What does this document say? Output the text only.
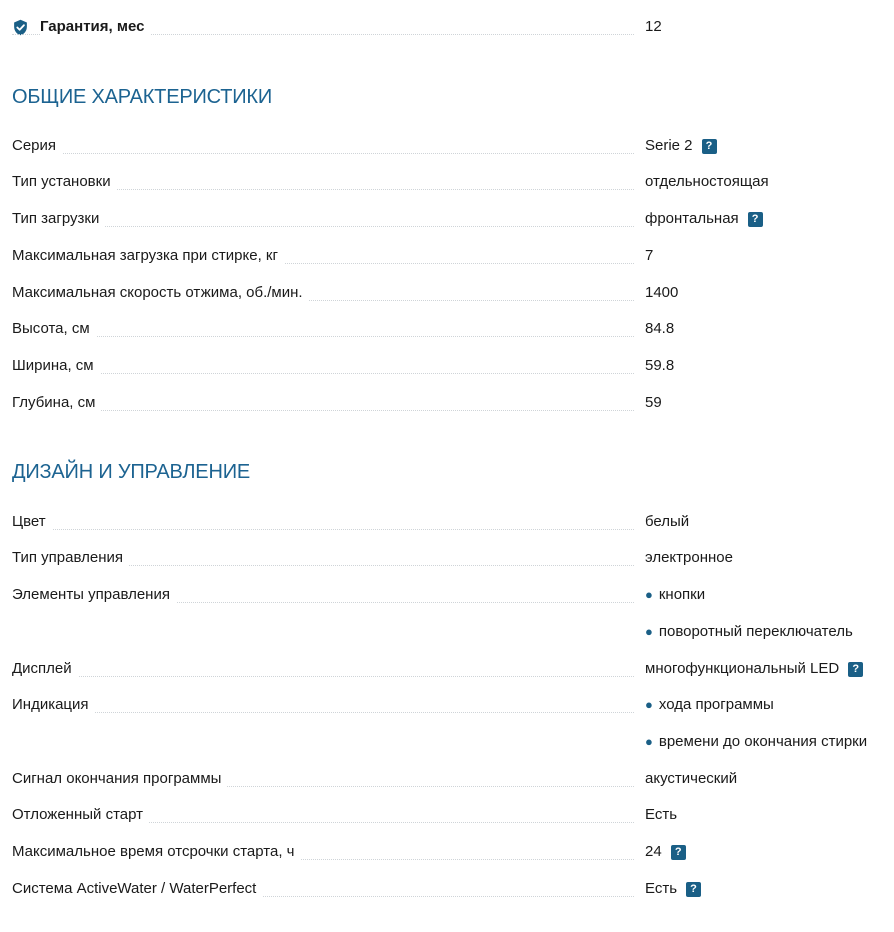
Гарантия, мес	12
ОБЩИЕ ХАРАКТЕРИСТИКИ
Серия	Serie 2	?
Тип установки	отдельностоящая
Тип загрузки	фронтальная	?
Максимальная загрузка при стирке, кг	7
Максимальная скорость отжима, об./мин.	1400
Высота, см	84.8
Ширина, см	59.8
Глубина, см	59
ДИЗАЙН И УПРАВЛЕНИЕ
Цвет	белый
Тип управления	электронное
Элементы управления	● кнопки
● поворотный переключатель
Дисплей	многофункциональный LED	?
Индикация	● хода программы
● времени до окончания стирки
Сигнал окончания программы	акустический
Отложенный старт	Есть
Максимальное время отсрочки старта, ч	24	?
Система ActiveWater / WaterPerfect	Есть	?
